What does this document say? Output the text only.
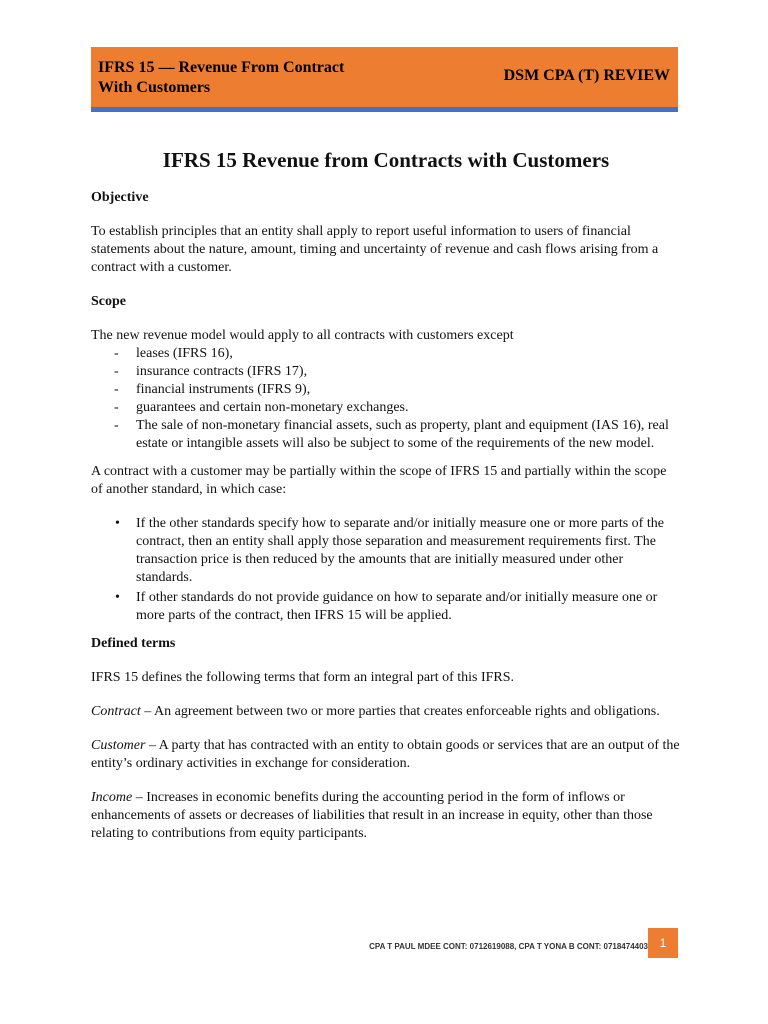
IFRS 15 — Revenue From Contract
With Customers
DSM CPA (T) REVIEW
IFRS 15 Revenue from Contracts with Customers
Objective

To establish principles that an entity shall apply to report useful information to users of financial statements about the nature, amount, timing and uncertainty of revenue and cash flows arising from a contract with a customer.

Scope

The new revenue model would apply to all contracts with customers except

- leases (IFRS 16),
- insurance contracts (IFRS 17),
- financial instruments (IFRS 9),
- guarantees and certain non-monetary exchanges.
- The sale of non-monetary financial assets, such as property, plant and equipment (IAS 16), real estate or intangible assets will also be subject to some of the requirements of the new model.

A contract with a customer may be partially within the scope of IFRS 15 and partially within the scope of another standard, in which case:

• If the other standards specify how to separate and/or initially measure one or more parts of the contract, then an entity shall apply those separation and measurement requirements first. The transaction price is then reduced by the amounts that are initially measured under other standards.
• If other standards do not provide guidance on how to separate and/or initially measure one or more parts of the contract, then IFRS 15 will be applied.
Defined terms

IFRS 15 defines the following terms that form an integral part of this IFRS.

Contract – An agreement between two or more parties that creates enforceable rights and obligations.

Customer – A party that has contracted with an entity to obtain goods or services that are an output of the entity’s ordinary activities in exchange for consideration.

Income – Increases in economic benefits during the accounting period in the form of inflows or enhancements of assets or decreases of liabilities that result in an increase in equity, other than those relating to contributions from equity participants.

CPA T PAUL MDEE CONT: 0712619088, CPA T YONA B CONT: 0718474403 1
